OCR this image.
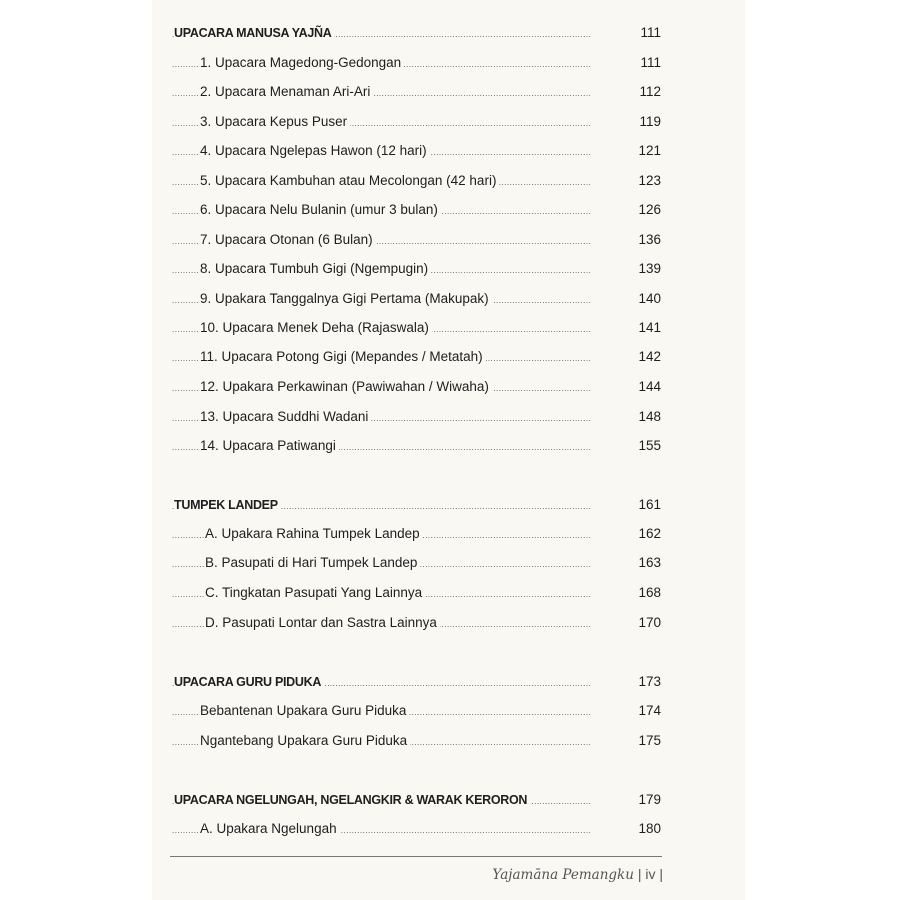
UPACARA MANUSA YAJÑA .....	111
1. Upacara Magedong-Gedongan .....	111
2. Upacara Menaman Ari-Ari .....	112
3. Upacara Kepus Puser .....	119
4. Upacara Ngelepas Hawon (12 hari) .....	121
5. Upacara Kambuhan atau Mecolongan (42 hari) .....	123
6. Upacara Nelu Bulanin (umur 3 bulan) .....	126
7. Upacara Otonan (6 Bulan) .....	136
8. Upacara Tumbuh Gigi (Ngempugin) .....	139
9. Upakara Tanggalnya Gigi Pertama (Makupak) .....	140
10. Upacara Menek Deha (Rajaswala) .....	141
11. Upacara Potong Gigi (Mepandes / Metatah) .....	142
12. Upakara Perkawinan (Pawiwahan / Wiwaha) .....	144
13. Upacara Suddhi Wadani .....	148
14. Upacara Patiwangi .....	155
TUMPEK LANDEP .....	161
A. Upakara Rahina Tumpek Landep .....	162
B. Pasupati di Hari Tumpek Landep .....	163
C. Tingkatan Pasupati Yang Lainnya .....	168
D. Pasupati Lontar dan Sastra Lainnya .....	170
UPACARA GURU PIDUKA .....	173
Bebantenan Upakara Guru Piduka .....	174
Ngantebang Upakara Guru Piduka .....	175
UPACARA NGELUNGAH, NGELANGKIR & WARAK KERORON .....	179
A. Upakara Ngelungah .....	180
Yajamāna Pemangku | iv |
